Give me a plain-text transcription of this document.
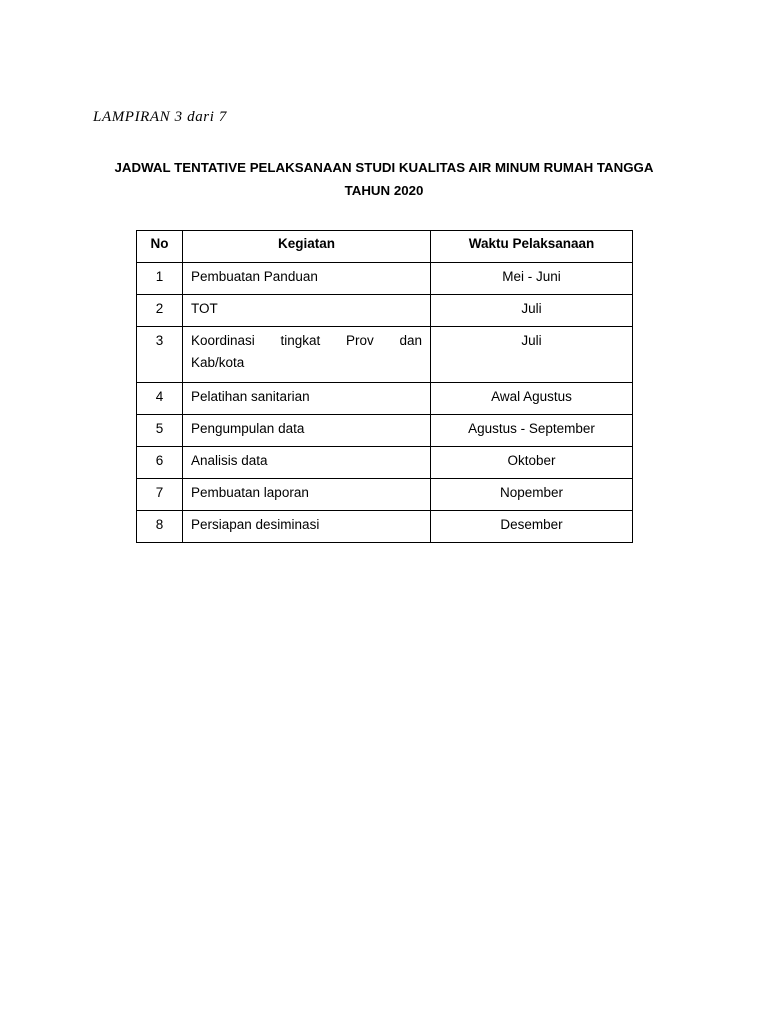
LAMPIRAN 3 dari 7

JADWAL TENTATIVE PELAKSANAAN STUDI KUALITAS AIR MINUM RUMAH TANGGA

TAHUN 2020

No	Kegiatan	Waktu Pelaksanaan
1	Pembuatan Panduan	Mei - Juni
2	TOT	Juli
3	Koordinasi tingkat Prov dan
Kab/kota	Juli
4	Pelatihan sanitarian	Awal Agustus
5	Pengumpulan data	Agustus - September
6	Analisis data	Oktober
7	Pembuatan laporan	Nopember
8	Persiapan desiminasi	Desember
